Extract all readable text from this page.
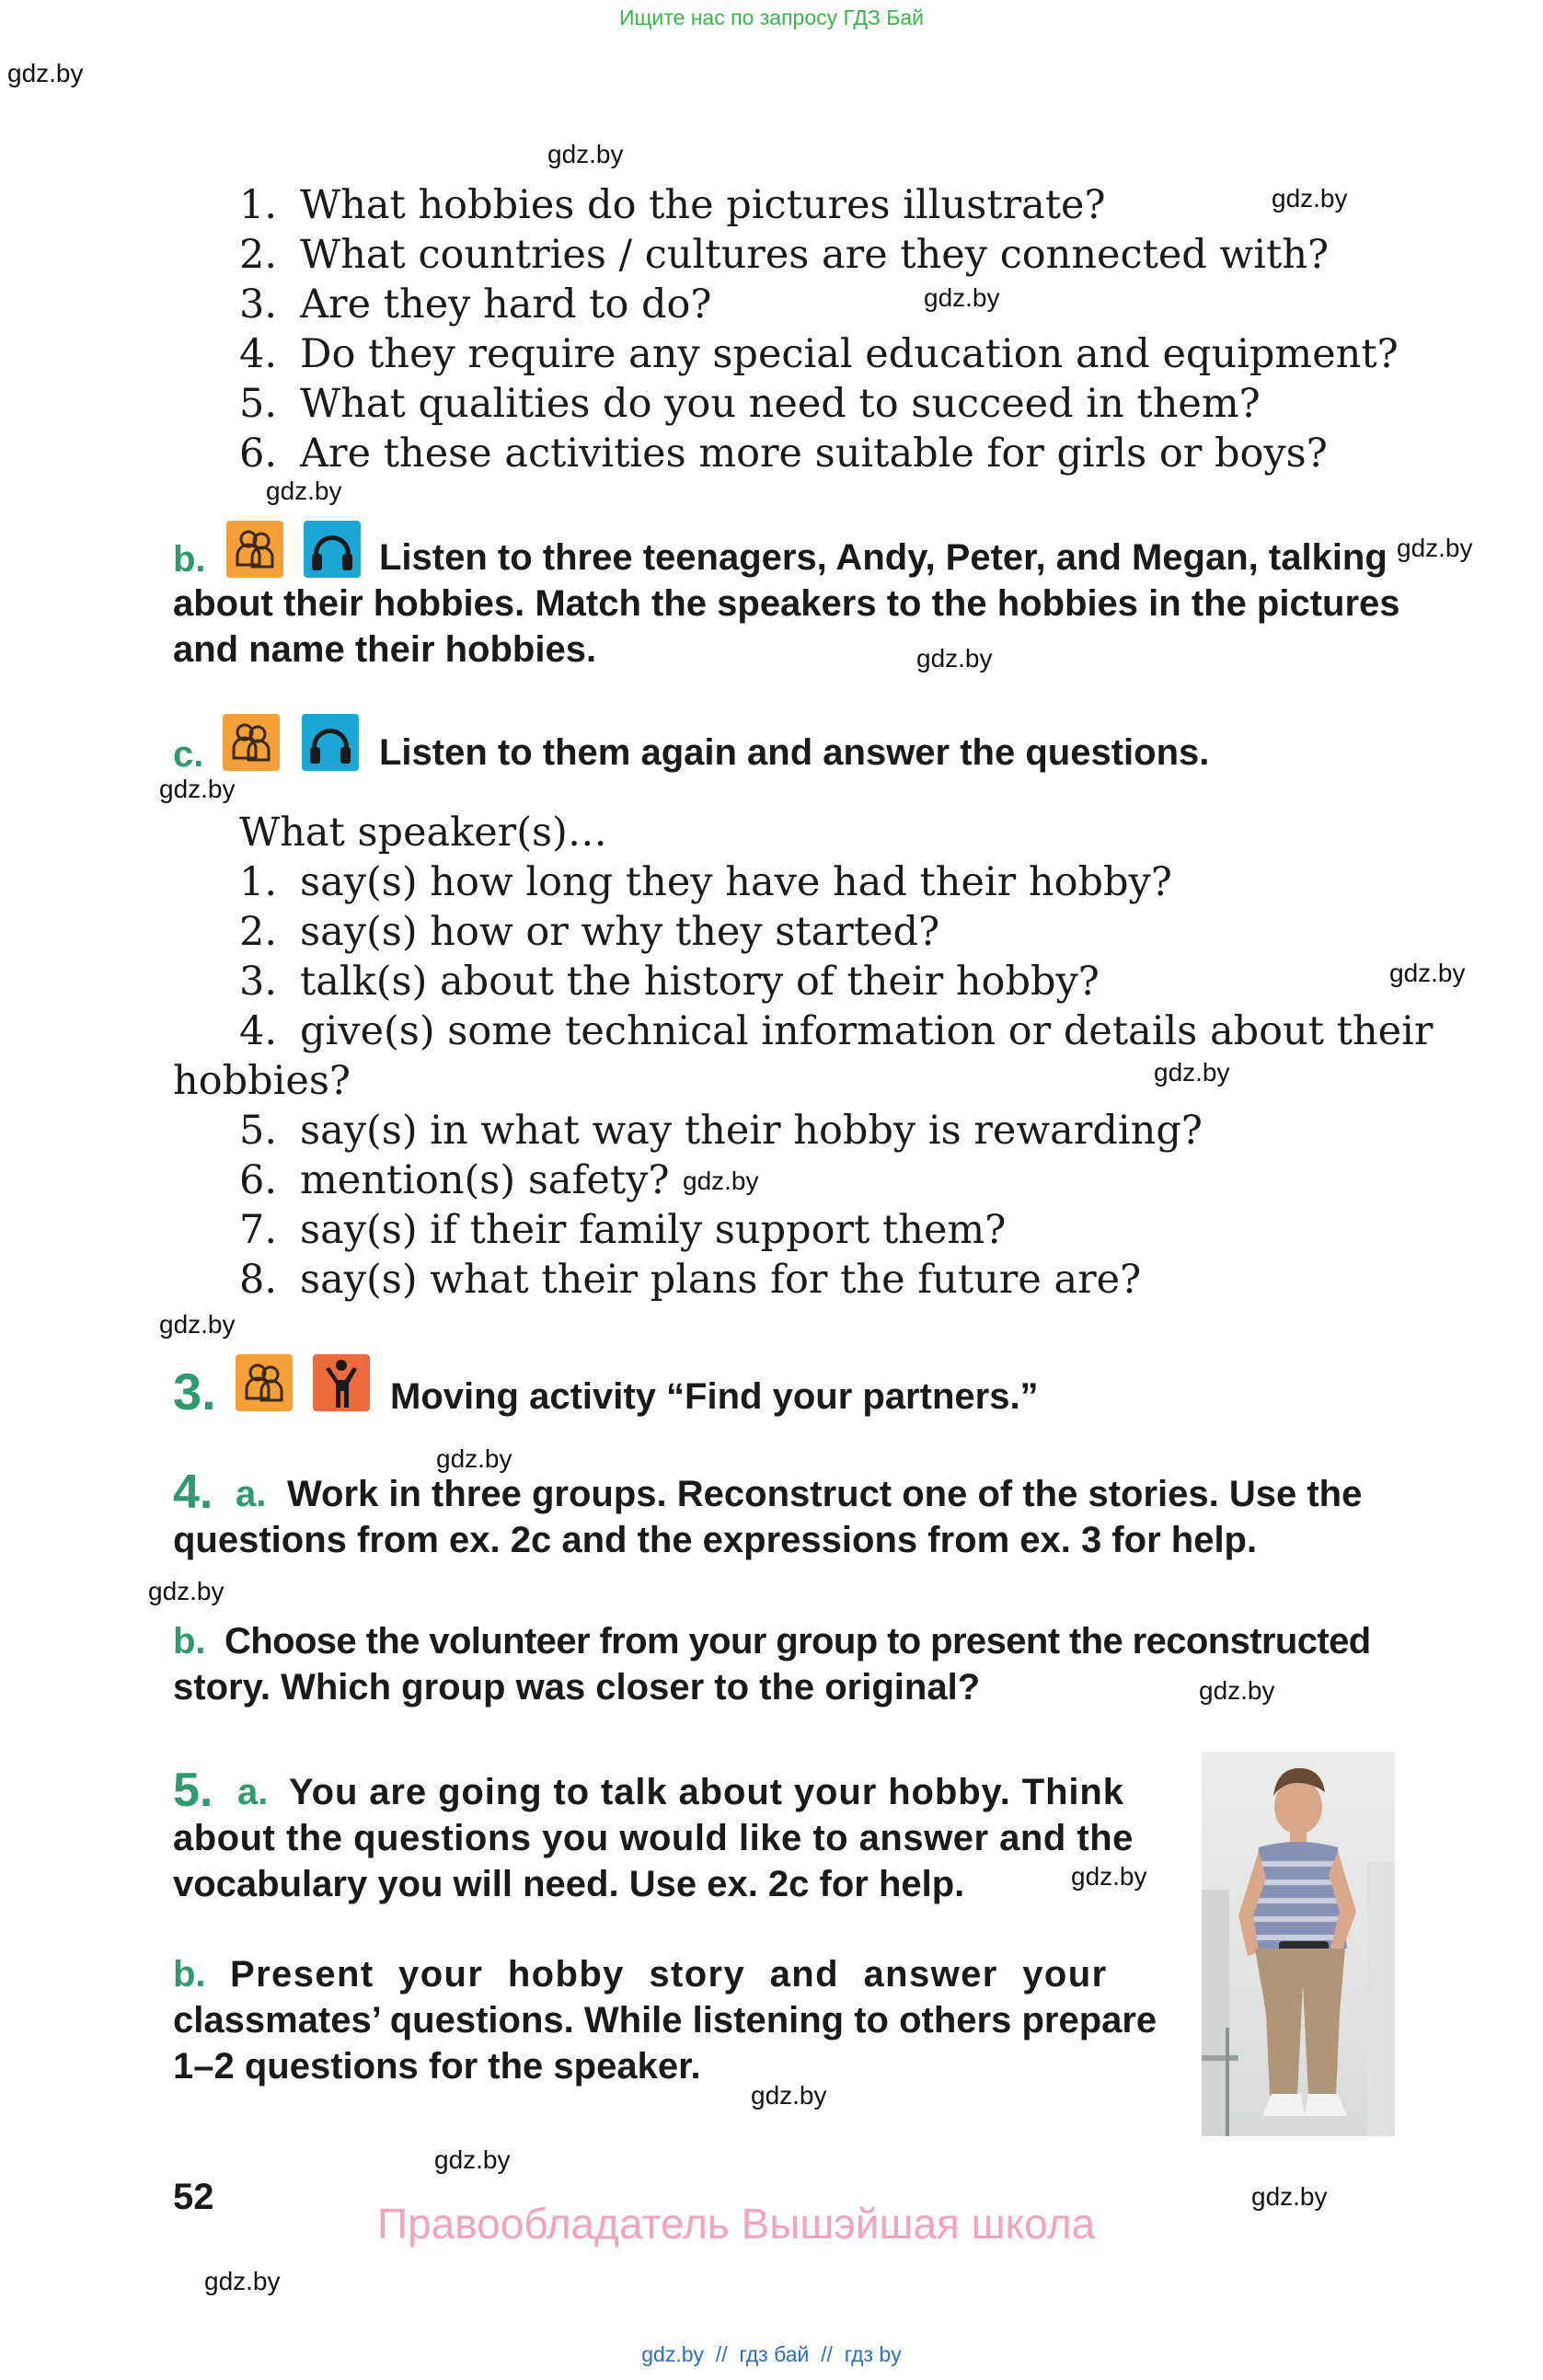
Ищите нас по запросу ГДЗ Бай
gdz.by
gdz.by
gdz.by
gdz.by
gdz.by
gdz.by
gdz.by
gdz.by
gdz.by
gdz.by
gdz.by
gdz.by
gdz.by
gdz.by
gdz.by
gdz.by
gdz.by
gdz.by
gdz.by
gdz.by
1. What hobbies do the pictures illustrate?
2. What countries / cultures are they connected with?
3. Are they hard to do?
4. Do they require any special education and equipment?
5. What qualities do you need to succeed in them?
6. Are these activities more suitable for girls or boys?
b.	Listen to three teenagers, Andy, Peter, and Megan, talking
about their hobbies. Match the speakers to the hobbies in the pictures
and name their hobbies.
c.	Listen to them again and answer the questions.
What speaker(s)…
1. say(s) how long they have had their hobby?
2. say(s) how or why they started?
3. talk(s) about the history of their hobby?
4. give(s) some technical information or details about their
hobbies?
5. say(s) in what way their hobby is rewarding?
6. mention(s) safety?
7. say(s) if their family support them?
8. say(s) what their plans for the future are?
3.	Moving activity “Find your partners.”
4. a. Work in three groups. Reconstruct one of the stories. Use the
questions from ex. 2c and the expressions from ex. 3 for help.
b. Choose the volunteer from your group to present the reconstructed
story. Which group was closer to the original?
5. a. You are going to talk about your hobby. Think
about the questions you would like to answer and the
vocabulary you will need. Use ex. 2c for help.
b. Present your hobby story and answer your
classmates’ questions. While listening to others prepare
1–2 questions for the speaker.
52
Правообладатель Вышэйшая школа
gdz.by  //  гдз бай  //  гдз by
